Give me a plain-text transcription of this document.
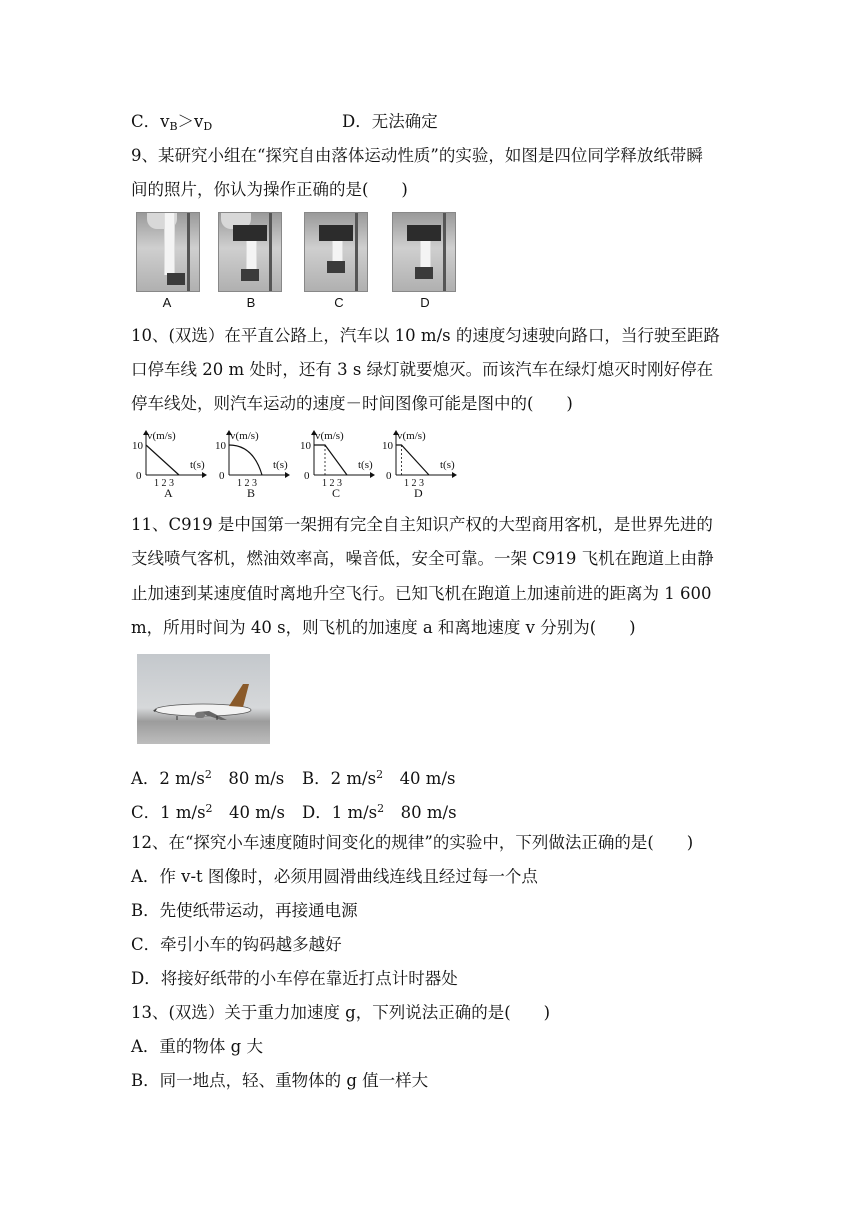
C．$v_B>v_D$	D．无法确定
9、某研究小组在“探究自由落体运动性质”的实验，如图是四位同学释放纸带瞬
间的照片，你认为操作正确的是(　　)
A	B	C	D
10、(双选）在平直公路上，汽车以 10 m/s 的速度匀速驶向路口，当行驶至距路
口停车线 20 m 处时，还有 3 s 绿灯就要熄灭。而该汽车在绿灯熄灭时刚好停在
停车线处，则汽车运动的速度－时间图像可能是图中的(　　)
v(m/s)
t(s)
10
0
1 2 3
A
v(m/s)
t(s)
10
0
1 2 3
B
v(m/s)
t(s)
10
0
1 2 3
C
v(m/s)
t(s)
10
0
1 2 3
D
11、C919 是中国第一架拥有完全自主知识产权的大型商用客机，是世界先进的
支线喷气客机，燃油效率高，噪音低，安全可靠。一架 C919 飞机在跑道上由静
止加速到某速度值时离地升空飞行。已知飞机在跑道上加速前进的距离为 1 600
m，所用时间为 40 s，则飞机的加速度 a 和离地速度 v 分别为(　　)
A．2 $m/s^2$　 80 m/s B．2 $m/s^2$　 40 m/s
C．1 $m/s^2$　 40 m/s D．1 $m/s^2$　 80 m/s
12、在“探究小车速度随时间变化的规律”的实验中，下列做法正确的是(　　)
A．作 v-t 图像时，必须用圆滑曲线连线且经过每一个点
B．先使纸带运动，再接通电源
C．牵引小车的钩码越多越好
D．将接好纸带的小车停在靠近打点计时器处
13、(双选）关于重力加速度 g，下列说法正确的是(　　)
A．重的物体 g 大
B．同一地点，轻、重物体的 g 值一样大
